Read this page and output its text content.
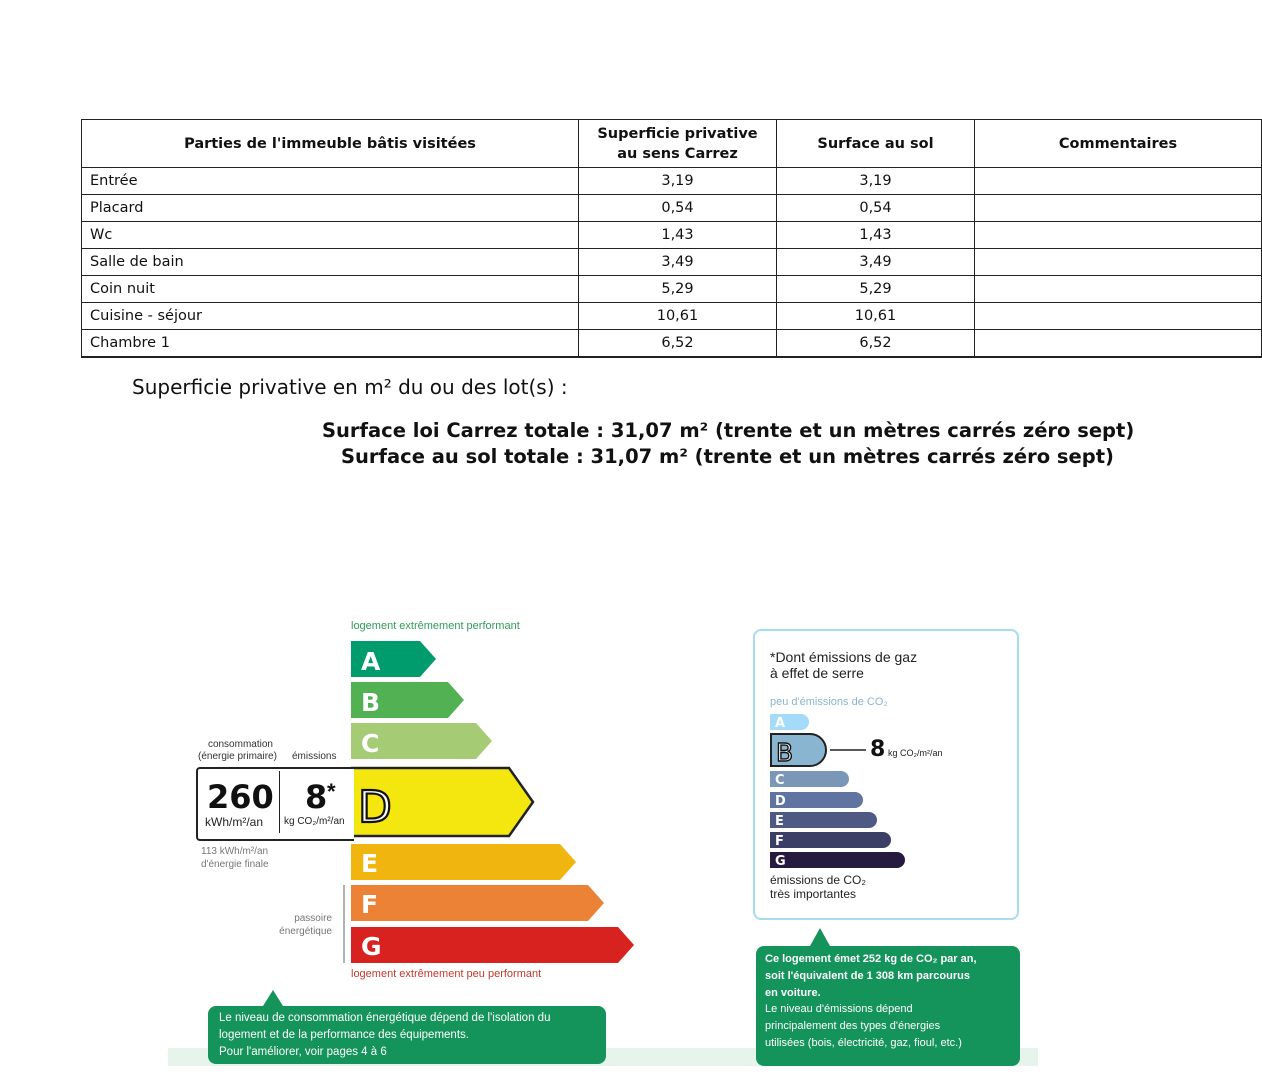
Parties de l'immeuble bâtis visitées	Superficie privative au sens Carrez	Surface au sol	Commentaires
Entrée	3,19	3,19	
Placard	0,54	0,54	
Wc	1,43	1,43	
Salle de bain	3,49	3,49	
Coin nuit	5,29	5,29	
Cuisine - séjour	10,61	10,61	
Chambre 1	6,52	6,52	
Superficie privative en m² du ou des lot(s) :
Surface loi Carrez totale : 31,07 m² (trente et un mètres carrés zéro sept)
Surface au sol totale : 31,07 m² (trente et un mètres carrés zéro sept)
logement extrêmement performant
A
B
C
D
E
F
G
consommation
(énergie primaire) émissions
260
kWh/m²/an
8 *
kg CO₂/m²/an
113 kWh/m²/an
d'énergie finale
passoire
énergétique
logement extrêmement peu performant
Le niveau de consommation énergétique dépend de l'isolation du
logement et de la performance des équipements.
Pour l'améliorer, voir pages 4 à 6
*Dont émissions de gaz
à effet de serre
peu d'émissions de CO₂
A
B
C
D
E
F
G
8 kg CO₂/m²/an
émissions de CO₂
très importantes
Ce logement émet 252 kg de CO₂ par an,
soit l'équivalent de 1 308 km parcourus
en voiture.
Le niveau d'émissions dépend
principalement des types d'énergies
utilisées (bois, électricité, gaz, fioul, etc.)
